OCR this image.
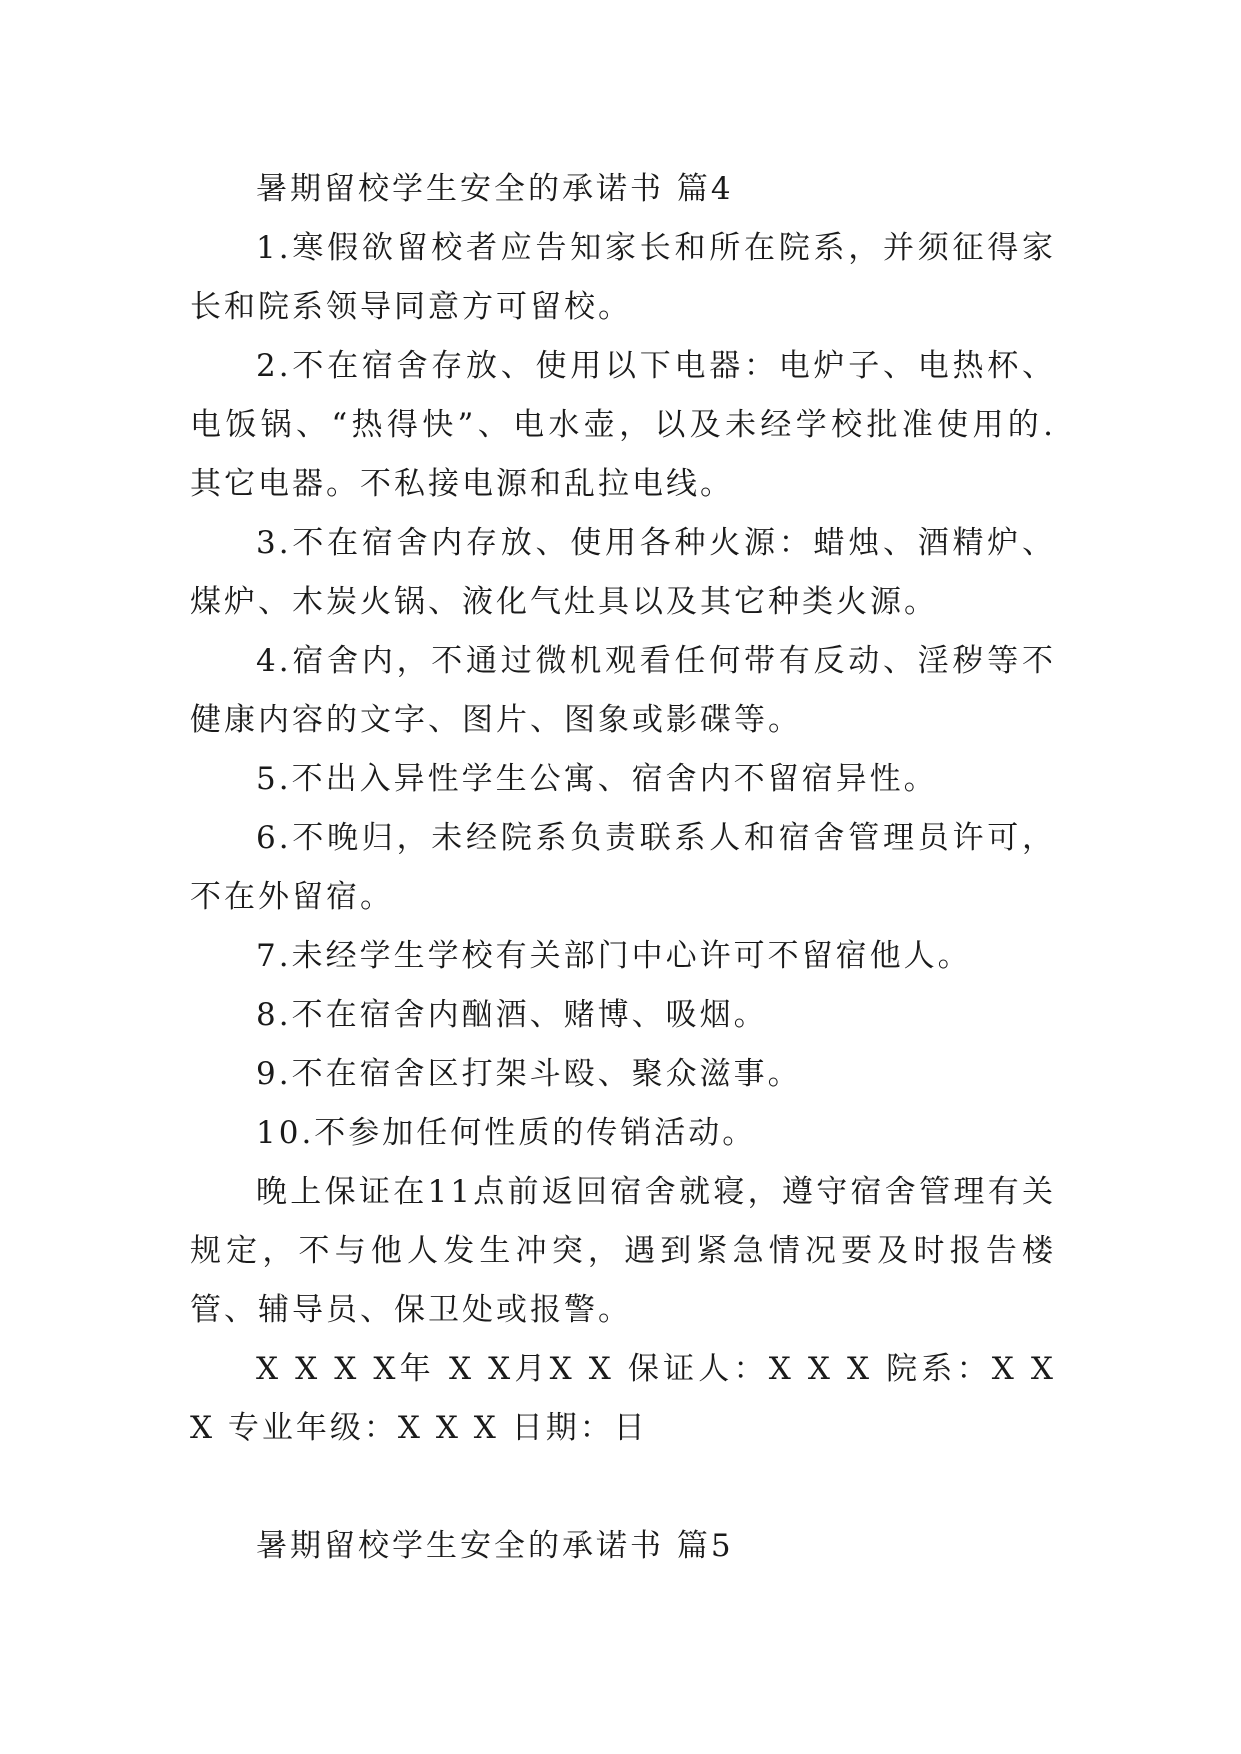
暑期留校学生安全的承诺书 篇4

1.寒假欲留校者应告知家长和所在院系，并须征得家长和院系领导同意方可留校。

2.不在宿舍存放、使用以下电器：电炉子、电热杯、电饭锅、“热得快”、电水壶，以及未经学校批准使用的.其它电器。不私接电源和乱拉电线。

3.不在宿舍内存放、使用各种火源：蜡烛、酒精炉、煤炉、木炭火锅、液化气灶具以及其它种类火源。

4.宿舍内，不通过微机观看任何带有反动、淫秽等不健康内容的文字、图片、图象或影碟等。

5.不出入异性学生公寓、宿舍内不留宿异性。

6.不晚归，未经院系负责联系人和宿舍管理员许可，不在外留宿。

7.未经学生学校有关部门中心许可不留宿他人。

8.不在宿舍内酗酒、赌博、吸烟。

9.不在宿舍区打架斗殴、聚众滋事。

10.不参加任何性质的传销活动。

晚上保证在11点前返回宿舍就寝，遵守宿舍管理有关规定，不与他人发生冲突，遇到紧急情况要及时报告楼管、辅导员、保卫处或报警。

X X X X年 X X月X X 保证人：X X X 院系：X X X 专业年级：X X X 日期：日

暑期留校学生安全的承诺书 篇5
